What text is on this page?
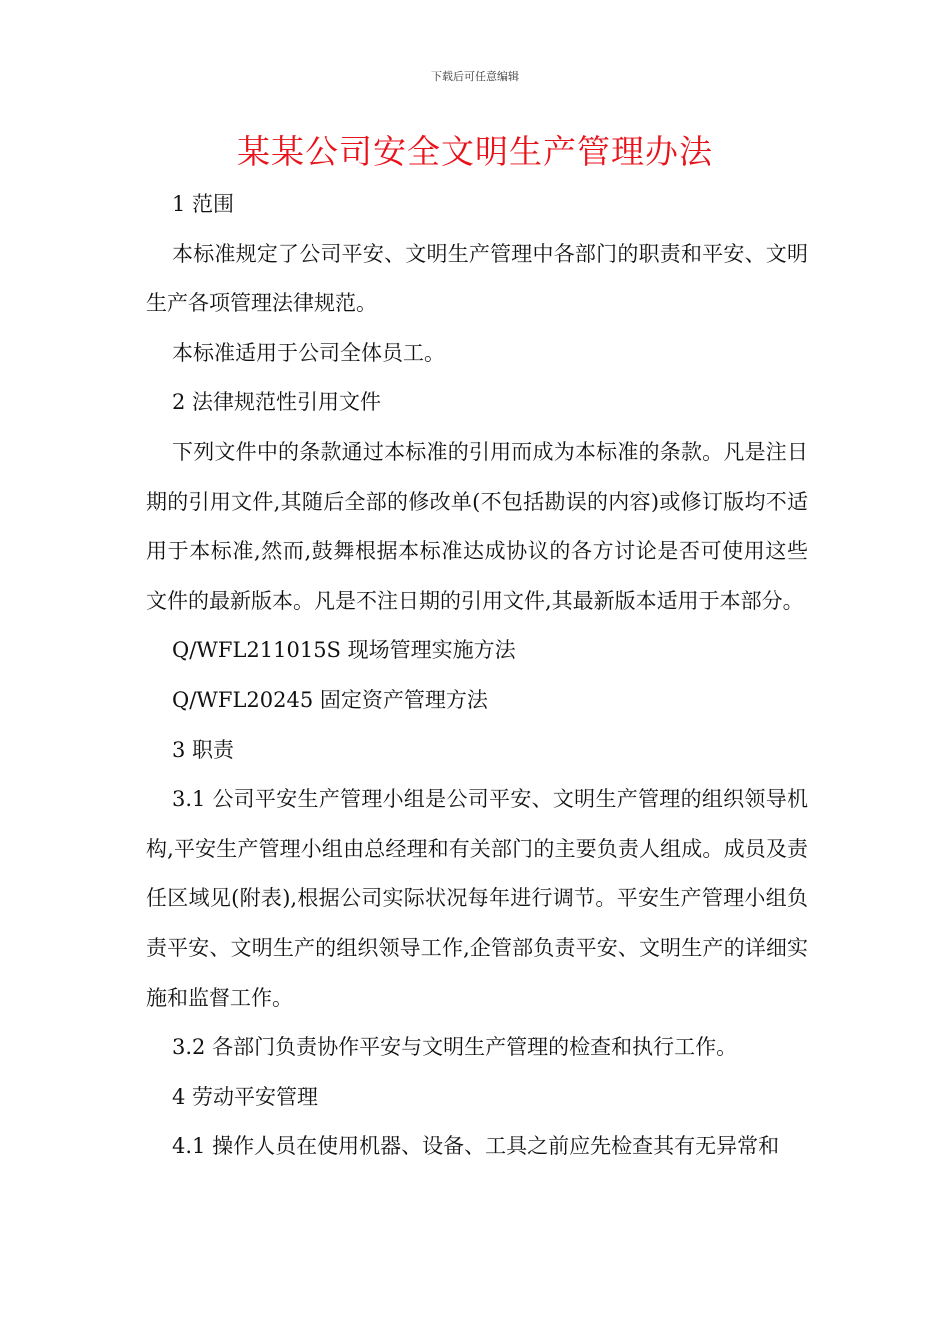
下载后可任意编辑
某某公司安全文明生产管理办法

1 范围

本标准规定了公司平安、文明生产管理中各部门的职责和平安、文明生产各项管理法律规范。

本标准适用于公司全体员工。

2 法律规范性引用文件

下列文件中的条款通过本标准的引用而成为本标准的条款。凡是注日期的引用文件,其随后全部的修改单(不包括勘误的内容)或修订版均不适用于本标准,然而,鼓舞根据本标准达成协议的各方讨论是否可使用这些文件的最新版本。凡是不注日期的引用文件,其最新版本适用于本部分。

Q/WFL211015S 现场管理实施方法

Q/WFL20245 固定资产管理方法

3 职责

3.1 公司平安生产管理小组是公司平安、文明生产管理的组织领导机构,平安生产管理小组由总经理和有关部门的主要负责人组成。成员及责任区域见(附表),根据公司实际状况每年进行调节。平安生产管理小组负责平安、文明生产的组织领导工作,企管部负责平安、文明生产的详细实施和监督工作。

3.2 各部门负责协作平安与文明生产管理的检查和执行工作。

4 劳动平安管理

4.1 操作人员在使用机器、设备、工具之前应先检查其有无异常和
